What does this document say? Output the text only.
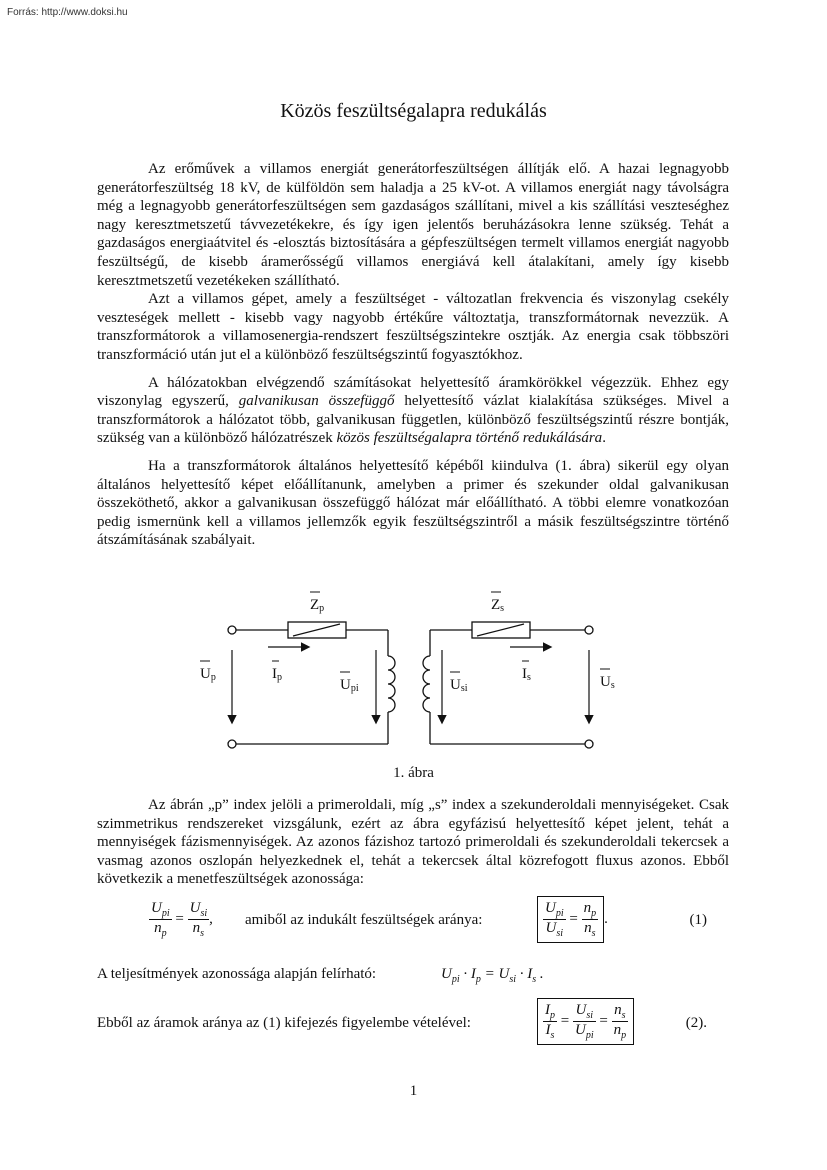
Forrás: http://www.doksi.hu
Közös feszültségalapra redukálás

Az erőművek a villamos energiát generátorfeszültségen állítják elő. A hazai legnagyobb generátorfeszültség 18 kV, de külföldön sem haladja a 25 kV-ot. A villamos energiát nagy távolságra még a legnagyobb generátorfeszültségen sem gazdaságos szállítani, mivel a kis szállítási veszteséghez nagy keresztmetszetű távvezetékekre, és így igen jelentős beruházásokra lenne szükség. Tehát a gazdaságos energiaátvitel és -elosztás biztosítására a gépfeszültségen termelt villamos energiát nagyobb feszültségű, de kisebb áramerősségű villamos energiává kell átalakítani, amely így kisebb keresztmetszetű vezetékeken szállítható.

Azt a villamos gépet, amely a feszültséget - változatlan frekvencia és viszonylag csekély veszteségek mellett - kisebb vagy nagyobb értékűre változtatja, transzformátornak nevezzük. A transzformátorok a villamosenergia-rendszert feszültségszintekre osztják. Az energia csak többszöri transzformáció után jut el a különböző feszültségszintű fogyasztókhoz.

A hálózatokban elvégzendő számításokat helyettesítő áramkörökkel végezzük. Ehhez egy viszonylag egyszerű, galvanikusan összefüggő helyettesítő vázlat kialakítása szükséges. Mivel a transzformátorok a hálózatot több, galvanikusan független, különböző feszültségszintű részre bontják, szükség van a különböző hálózatrészek közös feszültségalapra történő redukálására.

Ha a transzformátorok általános helyettesítő képéből kiindulva (1. ábra) sikerül egy olyan általános helyettesítő képet előállítanunk, amelyben a primer és szekunder oldal galvanikusan összeköthető, akkor a galvanikusan összefüggő hálózat már előállítható. A többi elemre vonatkozóan pedig ismernünk kell a villamos jellemzők egyik feszültségszintről a másik feszültségszintre történő átszámításának szabályait.

Zp	Zs
Up	Ip	Upi	Usi
Is	Us
1. ábra

Az ábrán „p” index jelöli a primeroldali, míg „s” index a szekunderoldali mennyiségeket. Csak szimmetrikus rendszereket vizsgálunk, ezért az ábra egyfázisú helyettesítő képet jelent, tehát a mennyiségek fázismennyiségek. Az azonos fázishoz tartozó primeroldali és szekunderoldali tekercsek a vasmag azonos oszlopán helyezkednek el, tehát a tekercsek által közrefogott fluxus azonos. Ebből következik a menetfeszültségek azonossága:

$\frac{U_{pi}}{n_p} = \frac{U_{si}}{n_s}$ , amiből az indukált feszültségek aránya:	$\frac{U_{pi}}{U_{si}} = \frac{n_p}{n_s}$ .	(1)
A teljesítmények azonossága alapján felírható:	$U_{pi} \cdot I_p = U_{si} \cdot I_s$ .
Ebből az áramok aránya az (1) kifejezés figyelembe vételével:	$\frac{I_p}{I_s} = \frac{U_{si}}{U_{pi}} = \frac{n_s}{n_p}$	(2).
1
